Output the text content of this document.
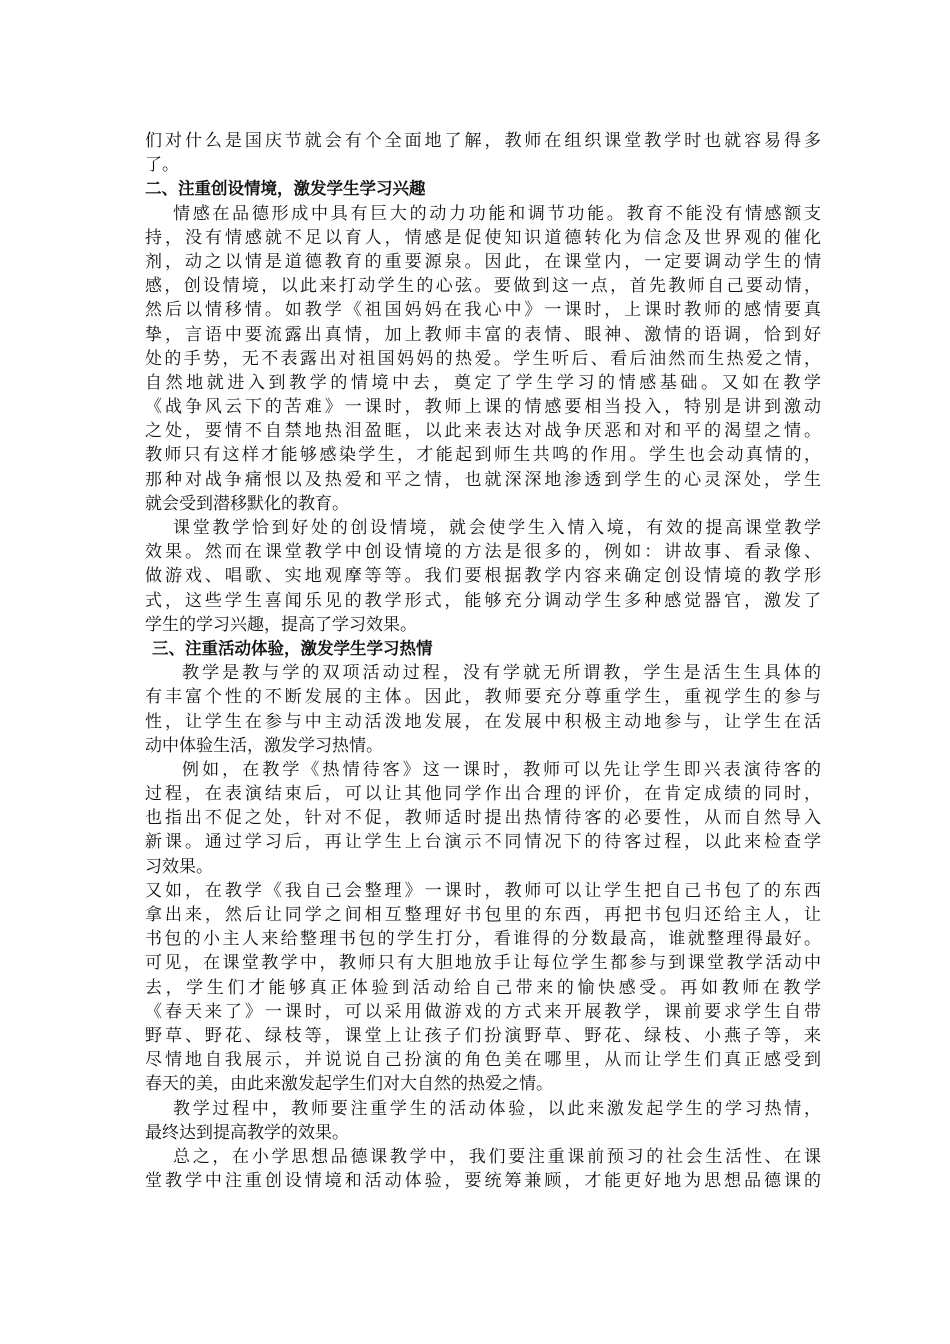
们对什么是国庆节就会有个全面地了解，教师在组织课堂教学时也就容易得多
了。
二、注重创设情境，激发学生学习兴趣
情感在品德形成中具有巨大的动力功能和调节功能。教育不能没有情感额支
持，没有情感就不足以育人，情感是促使知识道德转化为信念及世界观的催化
剂，动之以情是道德教育的重要源泉。因此，在课堂内，一定要调动学生的情
感，创设情境，以此来打动学生的心弦。要做到这一点，首先教师自己要动情，
然后以情移情。如教学《祖国妈妈在我心中》一课时，上课时教师的感情要真
挚，言语中要流露出真情，加上教师丰富的表情、眼神、激情的语调，恰到好
处的手势，无不表露出对祖国妈妈的热爱。学生听后、看后油然而生热爱之情，
自然地就进入到教学的情境中去，奠定了学生学习的情感基础。又如在教学
《战争风云下的苦难》一课时，教师上课的情感要相当投入，特别是讲到激动
之处，要情不自禁地热泪盈眶，以此来表达对战争厌恶和对和平的渴望之情。
教师只有这样才能够感染学生，才能起到师生共鸣的作用。学生也会动真情的，
那种对战争痛恨以及热爱和平之情，也就深深地渗透到学生的心灵深处，学生
就会受到潜移默化的教育。
课堂教学恰到好处的创设情境，就会使学生入情入境，有效的提高课堂教学
效果。然而在课堂教学中创设情境的方法是很多的，例如：讲故事、看录像、
做游戏、唱歌、实地观摩等等。我们要根据教学内容来确定创设情境的教学形
式，这些学生喜闻乐见的教学形式，能够充分调动学生多种感觉器官，激发了
学生的学习兴趣，提高了学习效果。
三、注重活动体验，激发学生学习热情
教学是教与学的双项活动过程，没有学就无所谓教，学生是活生生具体的
有丰富个性的不断发展的主体。因此，教师要充分尊重学生，重视学生的参与
性，让学生在参与中主动活泼地发展，在发展中积极主动地参与，让学生在活
动中体验生活，激发学习热情。
例如，在教学《热情待客》这一课时，教师可以先让学生即兴表演待客的
过程，在表演结束后，可以让其他同学作出合理的评价，在肯定成绩的同时，
也指出不促之处，针对不促，教师适时提出热情待客的必要性，从而自然导入
新课。通过学习后，再让学生上台演示不同情况下的待客过程，以此来检查学
习效果。
又如，在教学《我自己会整理》一课时，教师可以让学生把自己书包了的东西
拿出来，然后让同学之间相互整理好书包里的东西，再把书包归还给主人，让
书包的小主人来给整理书包的学生打分，看谁得的分数最高，谁就整理得最好。
可见，在课堂教学中，教师只有大胆地放手让每位学生都参与到课堂教学活动中
去，学生们才能够真正体验到活动给自己带来的愉快感受。再如教师在教学
《春天来了》一课时，可以采用做游戏的方式来开展教学，课前要求学生自带
野草、野花、绿枝等，课堂上让孩子们扮演野草、野花、绿枝、小燕子等，来
尽情地自我展示，并说说自己扮演的角色美在哪里，从而让学生们真正感受到
春天的美，由此来激发起学生们对大自然的热爱之情。
教学过程中，教师要注重学生的活动体验，以此来激发起学生的学习热情，
最终达到提高教学的效果。
总之，在小学思想品德课教学中，我们要注重课前预习的社会生活性、在课
堂教学中注重创设情境和活动体验，要统筹兼顾，才能更好地为思想品德课的
